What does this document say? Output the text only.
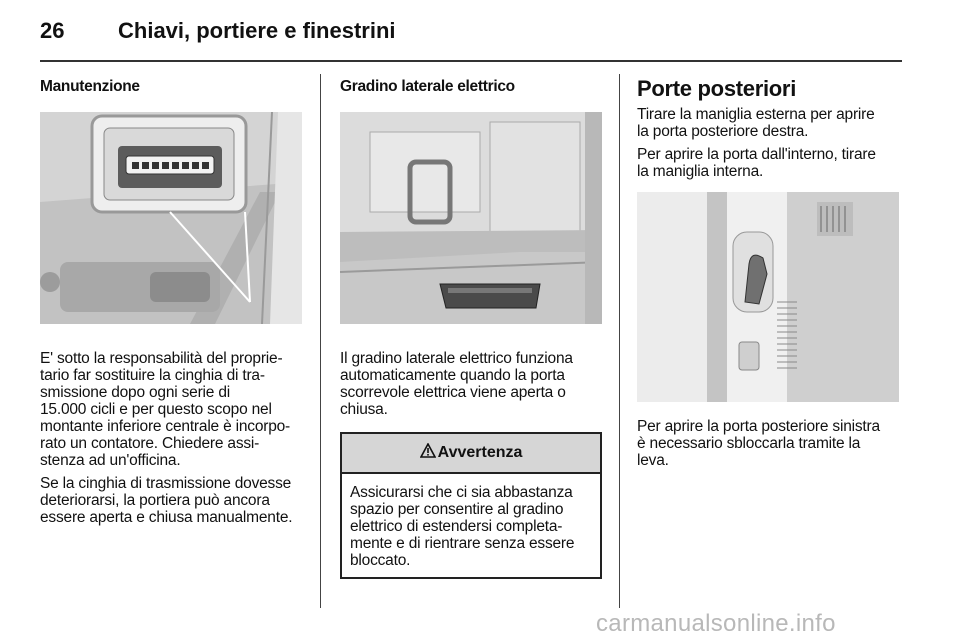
26 Chiavi, portiere e finestrini
Manutenzione
E' sotto la responsabilità del proprie-
tario far sostituire la cinghia di tra-
smissione dopo ogni serie di
15.000 cicli e per questo scopo nel
montante inferiore centrale è incorpo-
rato un contatore. Chiedere assi-
stenza ad un'officina.
Se la cinghia di trasmissione dovesse
deteriorarsi, la portiera può ancora
essere aperta e chiusa manualmente.
Gradino laterale elettrico
Il gradino laterale elettrico funziona
automaticamente quando la porta
scorrevole elettrica viene aperta o
chiusa.
Avvertenza
Assicurarsi che ci sia abbastanza
spazio per consentire al gradino
elettrico di estendersi completa-
mente e di rientrare senza essere
bloccato.
Porte posteriori
Tirare la maniglia esterna per aprire
la porta posteriore destra.
Per aprire la porta dall'interno, tirare
la maniglia interna.
Per aprire la porta posteriore sinistra
è necessario sbloccarla tramite la
leva.
carmanualsonline.info
